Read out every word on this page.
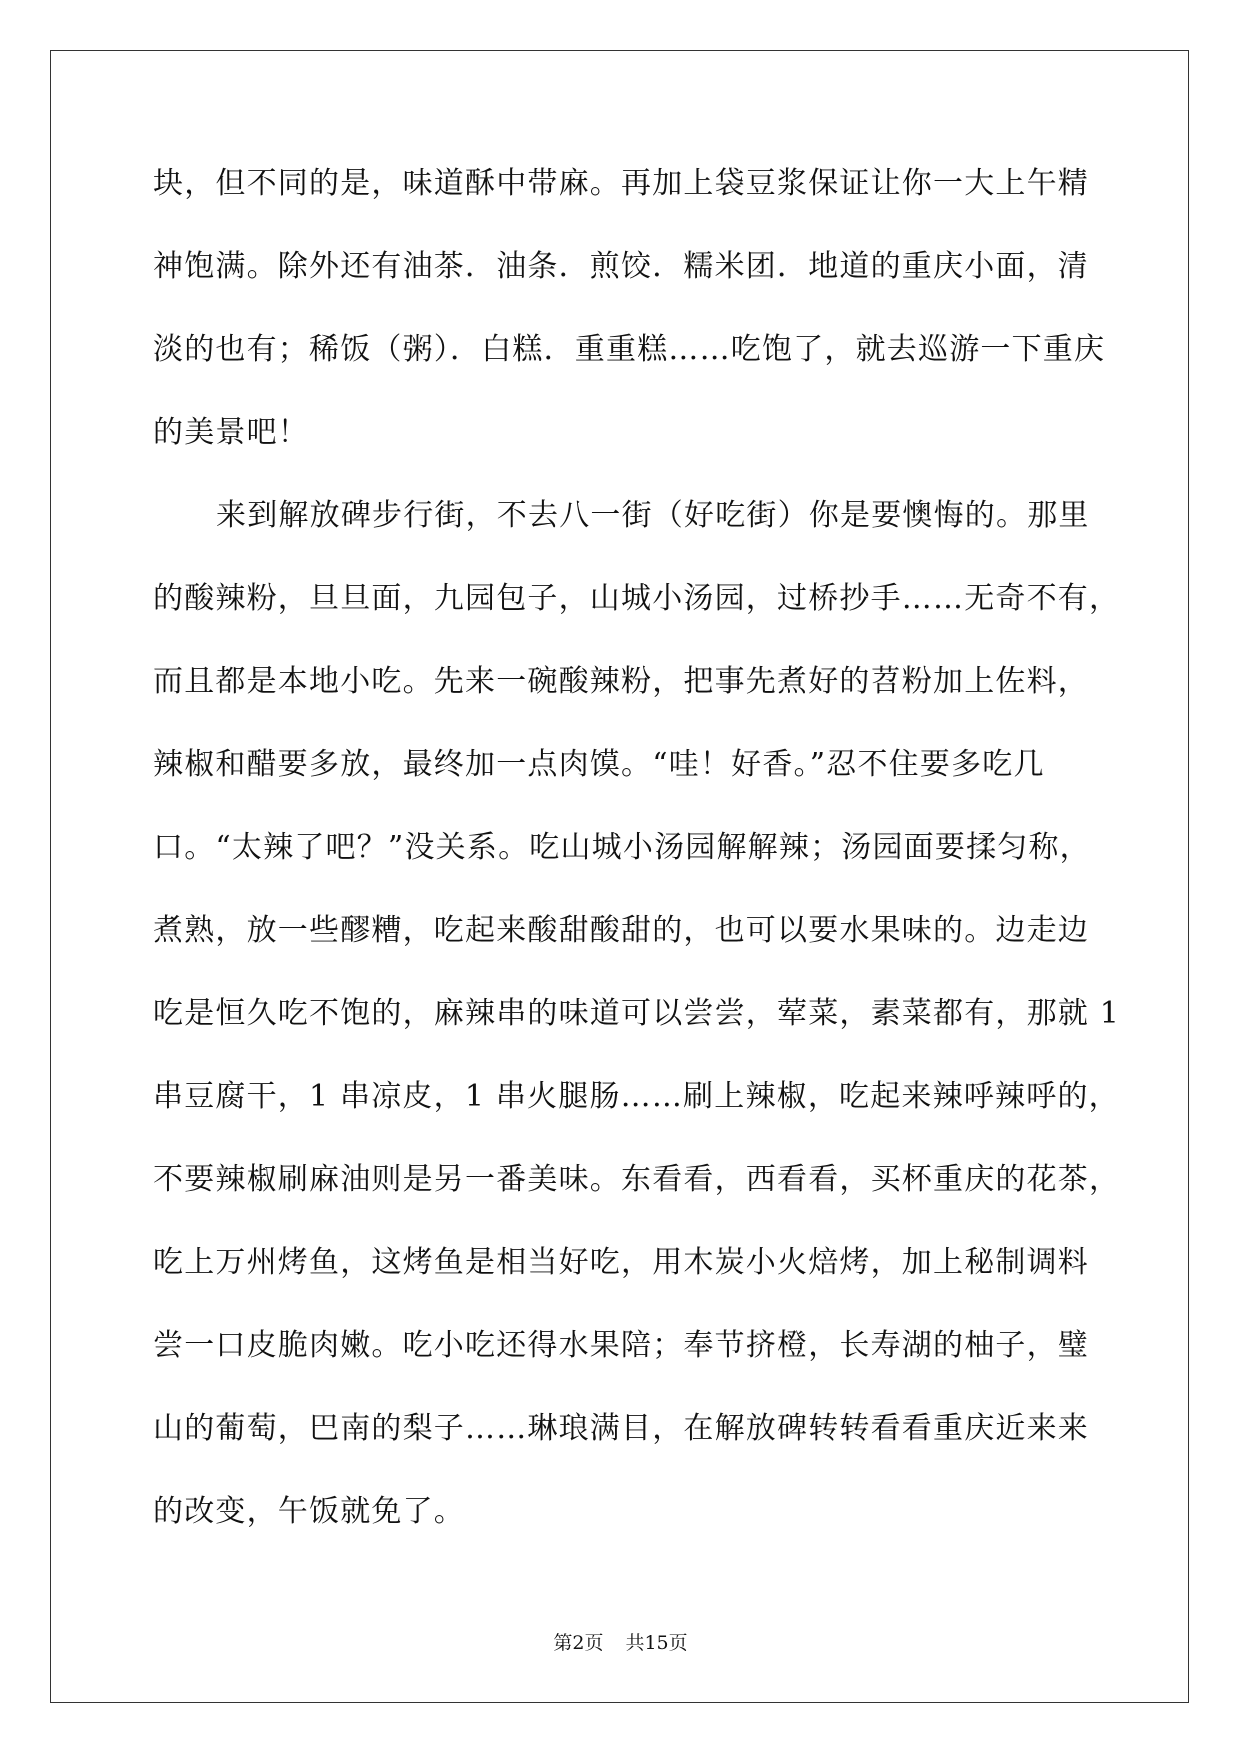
块，但不同的是，味道酥中带麻。再加上袋豆浆保证让你一大上午精
神饱满。除外还有油茶．油条．煎饺．糯米团．地道的重庆小面，清
淡的也有；稀饭（粥）．白糕．重重糕……吃饱了，就去巡游一下重庆
的美景吧！
来到解放碑步行街，不去八一街（好吃街）你是要懊悔的。那里
的酸辣粉，旦旦面，九园包子，山城小汤园，过桥抄手……无奇不有，
而且都是本地小吃。先来一碗酸辣粉，把事先煮好的苕粉加上佐料，
辣椒和醋要多放，最终加一点肉馍。“哇！好香。”忍不住要多吃几
口。“太辣了吧？”没关系。吃山城小汤园解解辣；汤园面要揉匀称，
煮熟，放一些醪糟，吃起来酸甜酸甜的，也可以要水果味的。边走边
吃是恒久吃不饱的，麻辣串的味道可以尝尝，荤菜，素菜都有，那就 1
串豆腐干，1 串凉皮，1 串火腿肠……刷上辣椒，吃起来辣呼辣呼的，
不要辣椒刷麻油则是另一番美味。东看看，西看看，买杯重庆的花茶，
吃上万州烤鱼，这烤鱼是相当好吃，用木炭小火焙烤，加上秘制调料
尝一口皮脆肉嫩。吃小吃还得水果陪；奉节挤橙，长寿湖的柚子，璧
山的葡萄，巴南的梨子……琳琅满目，在解放碑转转看看重庆近来来
的改变，午饭就免了。
第2页 共15页
